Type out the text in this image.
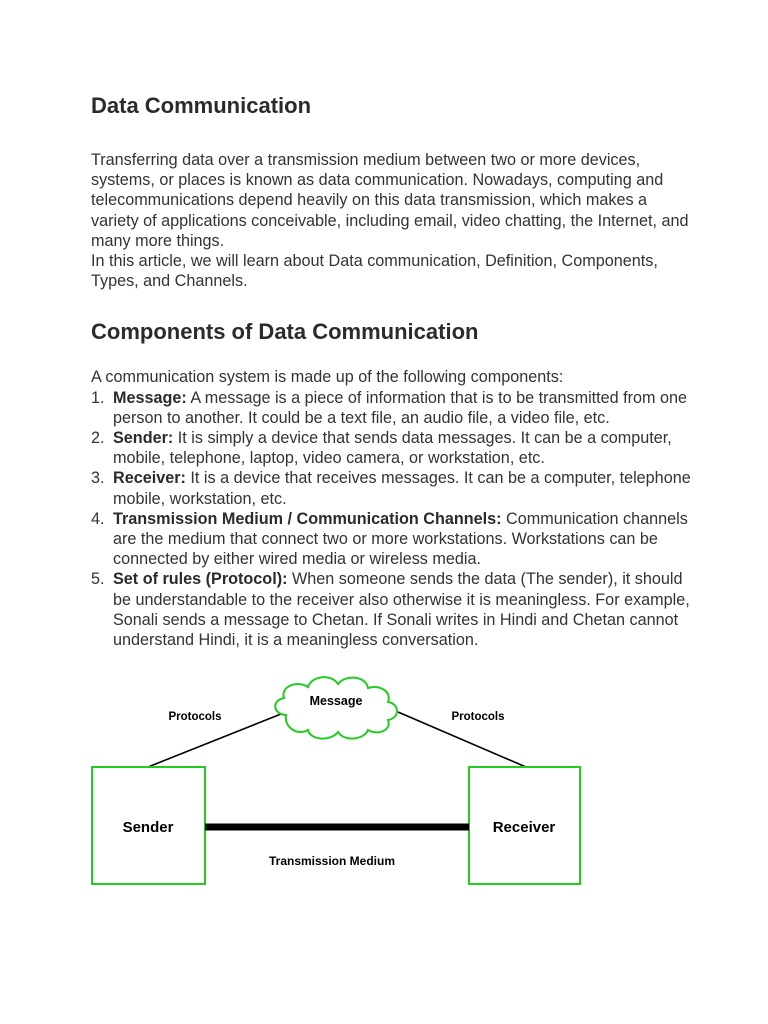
Data Communication

Transferring data over a transmission medium between two or more devices, systems, or places is known as data communication. Nowadays, computing and telecommunications depend heavily on this data transmission, which makes a variety of applications conceivable, including email, video chatting, the Internet, and many more things.

In this article, we will learn about Data communication, Definition, Components, Types, and Channels.

Components of Data Communication

A communication system is made up of the following components:

1. Message: A message is a piece of information that is to be transmitted from one person to another. It could be a text file, an audio file, a video file, etc.
2. Sender: It is simply a device that sends data messages. It can be a computer, mobile, telephone, laptop, video camera, or workstation, etc.
3. Receiver: It is a device that receives messages. It can be a computer, telephone mobile, workstation, etc.
4. Transmission Medium / Communication Channels: Communication channels are the medium that connect two or more workstations. Workstations can be connected by either wired media or wireless media.
5. Set of rules (Protocol): When someone sends the data (The sender), it should be understandable to the receiver also otherwise it is meaningless. For example, Sonali sends a message to Chetan. If Sonali writes in Hindi and Chetan cannot understand Hindi, it is a meaningless conversation.
Message
Protocols	Protocols
Sender	Receiver
Transmission Medium
